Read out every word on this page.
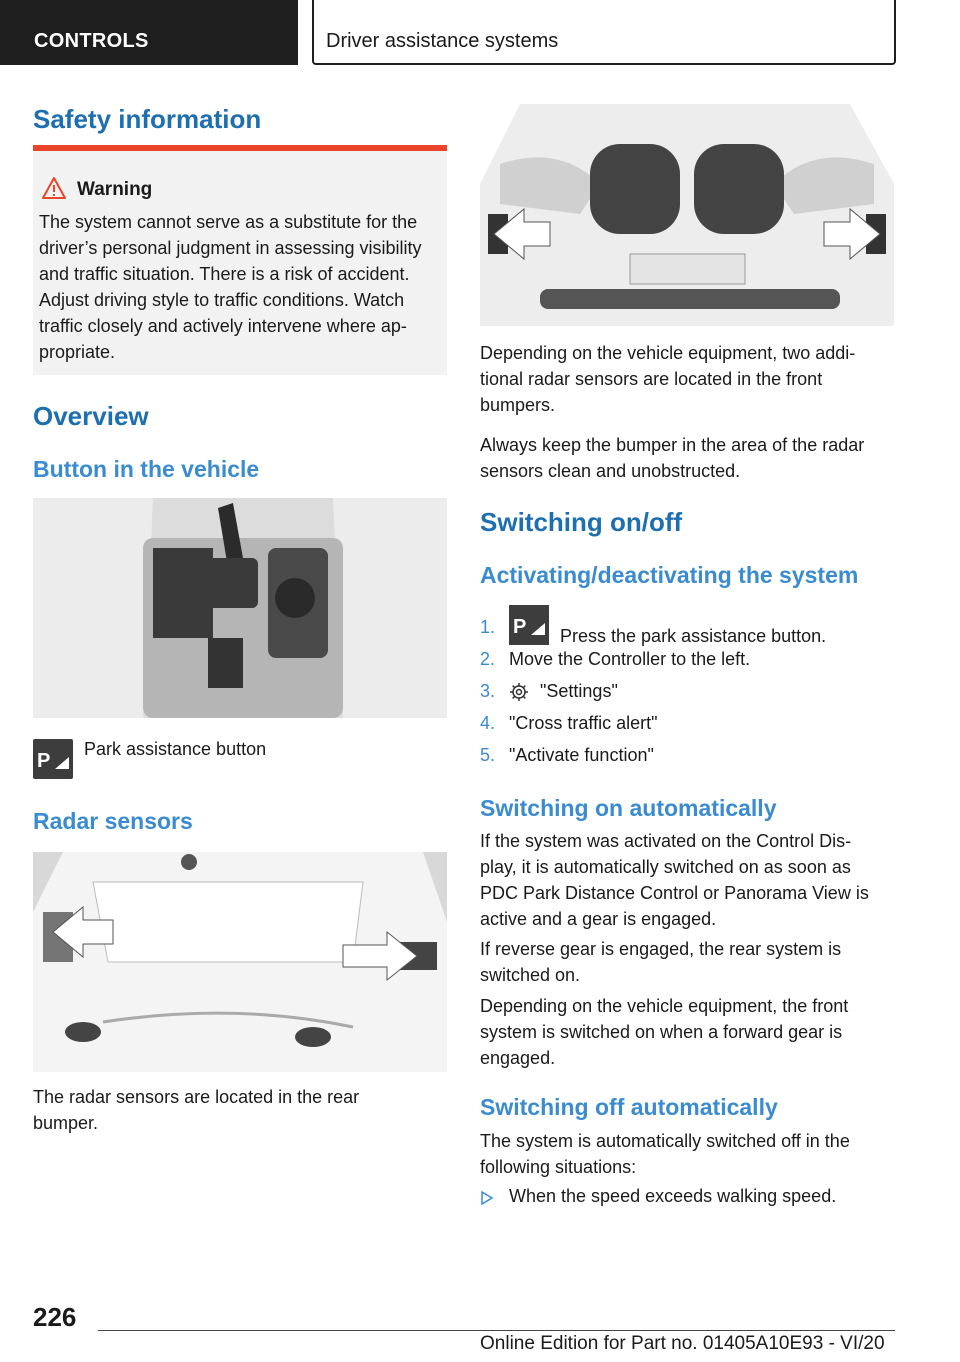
CONTROLS	Driver assistance systems
Safety information
Warning
The system cannot serve as a substitute for the
driver’s personal judgment in assessing visibility
and traffic situation. There is a risk of accident.
Adjust driving style to traffic conditions. Watch
traffic closely and actively intervene where ap-
propriate.
Overview
Button in the vehicle
P
Park assistance button
Radar sensors
The radar sensors are located in the rear
bumper.
Depending on the vehicle equipment, two addi-
tional radar sensors are located in the front
bumpers.
Always keep the bumper in the area of the radar
sensors clean and unobstructed.
Switching on/off
Activating/deactivating the system
1. P Press the park assistance button.
2. Move the Controller to the left.
3.	"Settings"
4. "Cross traffic alert"
5. "Activate function"
Switching on automatically
If the system was activated on the Control Dis-
play, it is automatically switched on as soon as
PDC Park Distance Control or Panorama View is
active and a gear is engaged.
If reverse gear is engaged, the rear system is
switched on.
Depending on the vehicle equipment, the front
system is switched on when a forward gear is
engaged.
Switching off automatically
The system is automatically switched off in the
following situations:
When the speed exceeds walking speed.
226
Online Edition for Part no. 01405A10E93 - VI/20
